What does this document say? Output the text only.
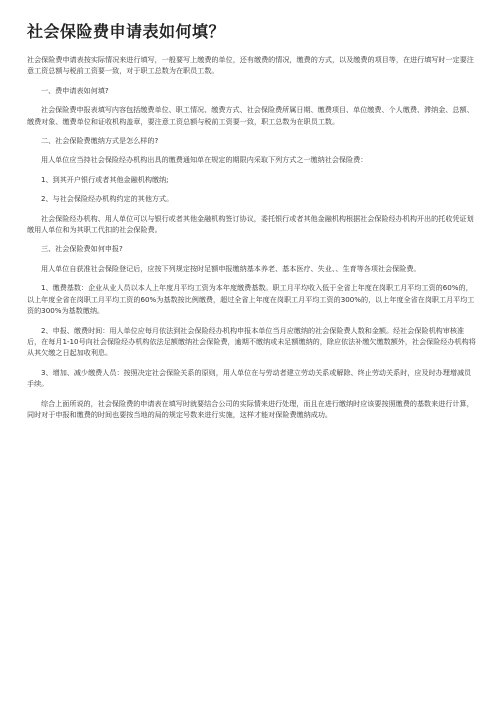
社会保险费申请表如何填？

社会保险费申请表按实际情况来进行填写，一般要写上缴费的单位，还有缴费的情况，缴费的方式，以及缴费的项目等，在进行填写时一定要注意工资总额与税前工资要一致，对于职工总数为在职员工数。

一、费申请表如何填?

社会保险费申报表填写内容包括缴费单位、职工情况、缴费方式、社会保险费所属日期、缴费项目、单位缴费、个人缴费、滞纳金、总额、缴费对象、缴费单位和证收机构盖章，要注意工资总额与税前工资要一致，职工总数为在职员工数。

二、社会保险费缴纳方式是怎么样的?

用人单位应当持社会保险经办机构出具的缴费通知单在规定的期限内采取下列方式之一缴纳社会保险费：

1、到其开户银行或者其他金融机构缴纳;

2、与社会保险经办机构约定的其他方式。

社会保险经办机构、用人单位可以与银行或者其他金融机构签订协议，委托银行或者其他金融机构根据社会保险经办机构开出的托收凭证划缴用人单位和为其职工代扣的社会保险费。

三、社会保险费如何申报?

用人单位自获准社会保险登记后，应按下列规定按时足额申报缴纳基本养老、基本医疗、失业、、生育等各项社会保险费。

1、缴费基数：企业从业人员以本人上年度月平均工资为本年度缴费基数。职工月平均收入低于全省上年度在岗职工月平均工资的60%的，以上年度全省在岗职工月平均工资的60%为基数按比例缴费，超过全省上年度在岗职工月平均工资的300%的，以上年度全省在岗职工月平均工资的300%为基数缴纳。

2、申报、缴费时间：用人单位应每月依法到社会保险经办机构申报本单位当月应缴纳的社会保险费人数和金额。经社会保险机构审核准后，在每月1-10号向社会保险经办机构依法足额缴纳社会保险费，逾期不缴纳或未足额缴纳的，除应依法补缴欠缴数额外，社会保险经办机构将从其欠缴之日起加收利息。

3、增加、减少缴费人员：按照决定社会保险关系的原则，用人单位在与劳动者建立劳动关系或解除、终止劳动关系时，应及时办理增减员手续。

综合上面所说的，社会保险费的申请表在填写时就要结合公司的实际情来进行处理，而且在进行缴纳时应该要按照缴费的基数来进行计算，同时对于申报和缴费的时间也要按当地的局的规定号数来进行实施，这样才能对保险费缴纳成功。
